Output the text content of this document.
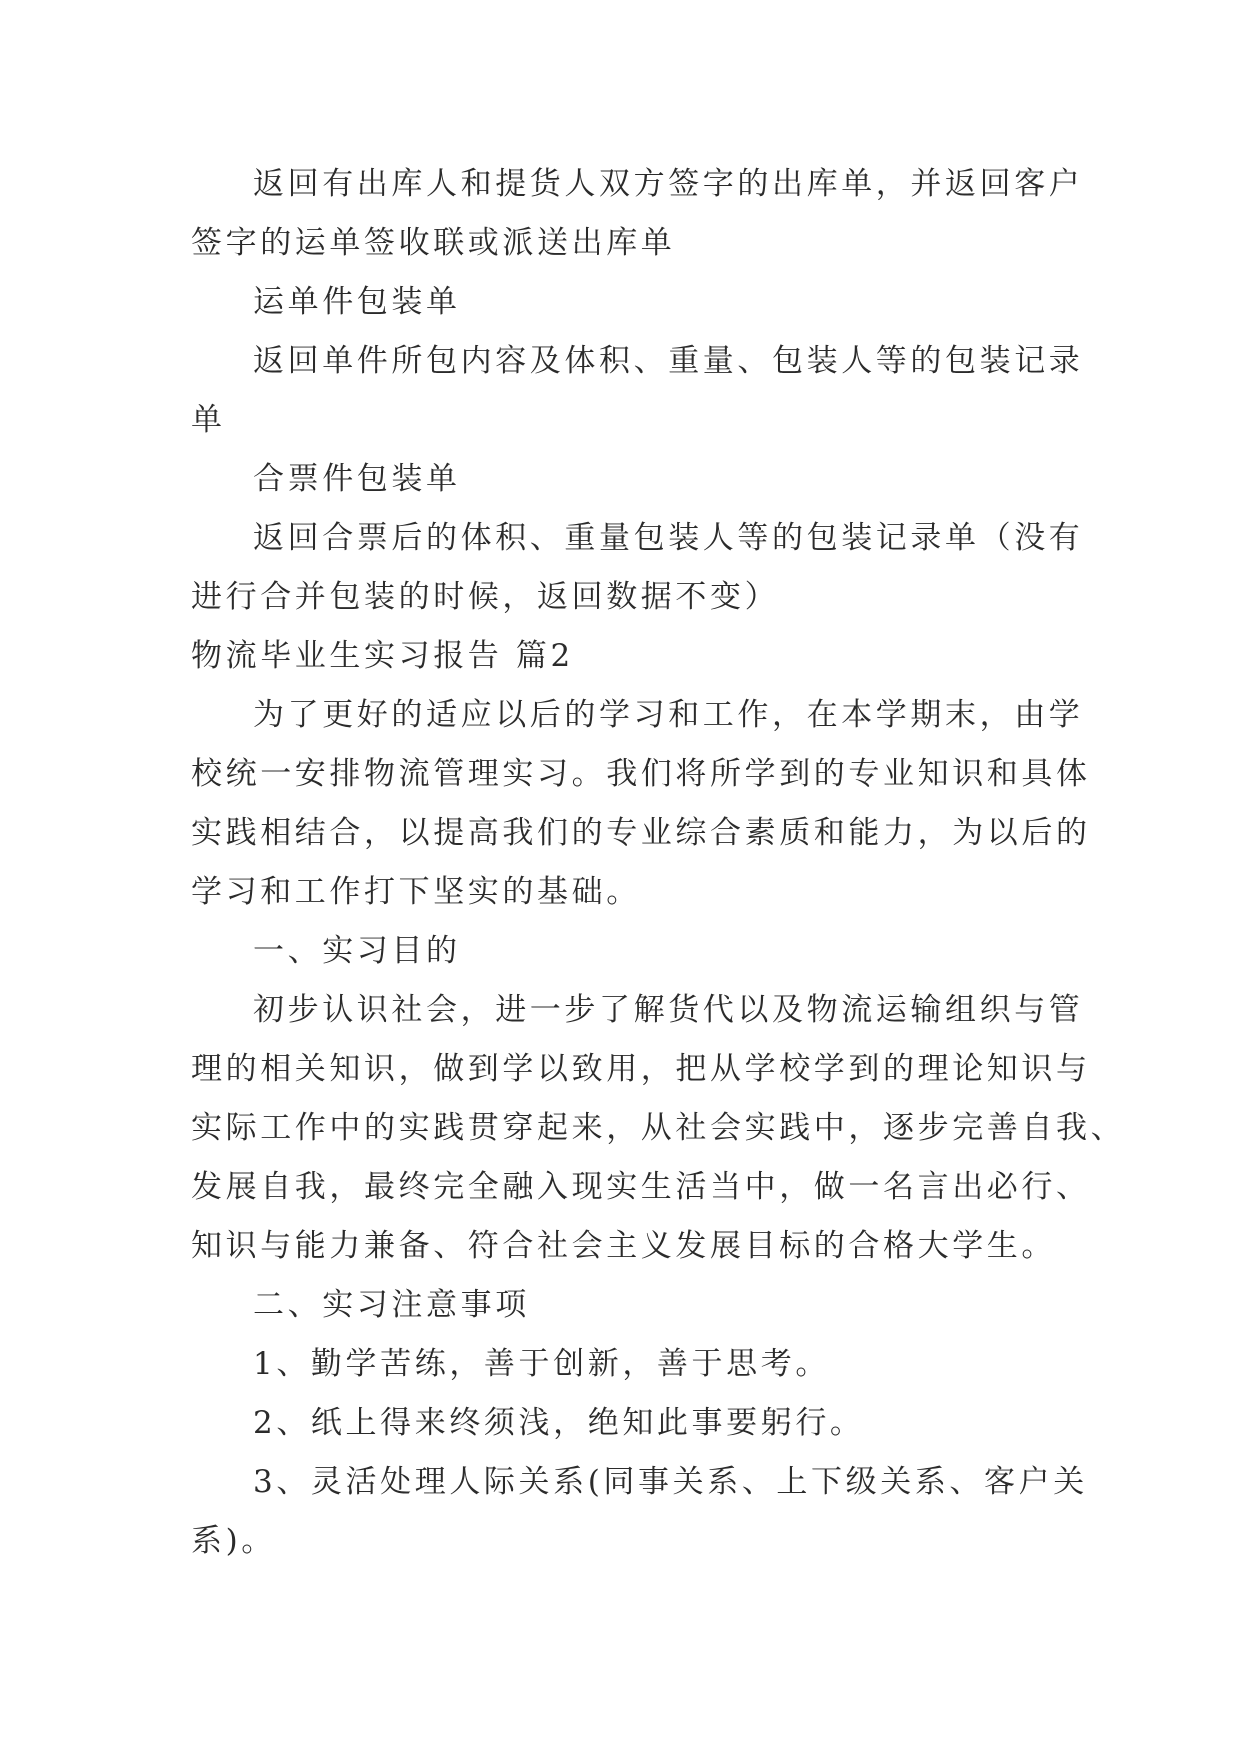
返回有出库人和提货人双方签字的出库单，并返回客户
签字的运单签收联或派送出库单
运单件包装单
返回单件所包内容及体积、重量、包装人等的包装记录
单
合票件包装单
返回合票后的体积、重量包装人等的包装记录单（没有
进行合并包装的时候，返回数据不变）
物流毕业生实习报告 篇2
为了更好的适应以后的学习和工作，在本学期末，由学
校统一安排物流管理实习。我们将所学到的专业知识和具体
实践相结合，以提高我们的专业综合素质和能力，为以后的
学习和工作打下坚实的基础。
一、实习目的
初步认识社会，进一步了解货代以及物流运输组织与管
理的相关知识，做到学以致用，把从学校学到的理论知识与
实际工作中的实践贯穿起来，从社会实践中，逐步完善自我、
发展自我，最终完全融入现实生活当中，做一名言出必行、
知识与能力兼备、符合社会主义发展目标的合格大学生。
二、实习注意事项
1、勤学苦练，善于创新，善于思考。
2、纸上得来终须浅，绝知此事要躬行。
3、灵活处理人际关系(同事关系、上下级关系、客户关
系)。
